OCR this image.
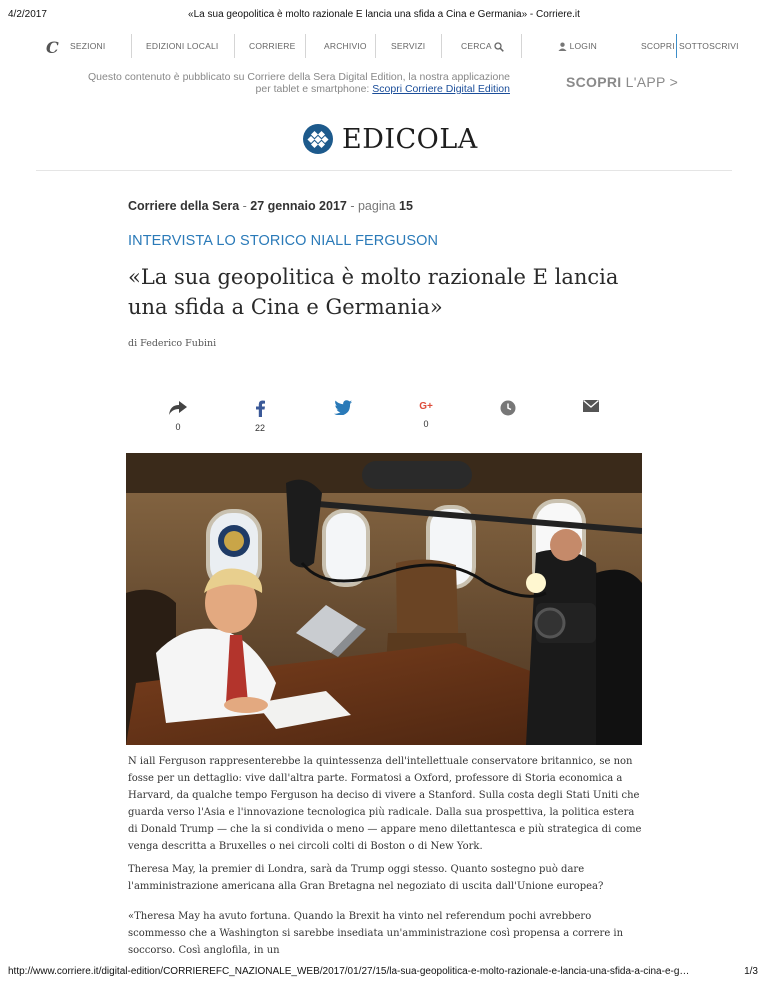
4/2/2017	«La sua geopolitica è molto razionale E lancia una sfida a Cina e Germania» - Corriere.it
C SEZIONI	EDIZIONI LOCALI	CORRIERE	ARCHIVIO	SERVIZI	CERCA	LOGIN	SCOPRI SOTTOSCRIVI
Questo contenuto è pubblicato su Corriere della Sera Digital Edition, la nostra applicazione
per tablet e smartphone: Scopri Corriere Digital Edition	SCOPRI L'APP >
EDICOLA
Corriere della Sera - 27 gennaio 2017 - pagina 15
INTERVISTA LO STORICO NIALL FERGUSON
«La sua geopolitica è molto razionale E lancia una sfida a Cina e Germania»
di Federico Fubini
0	22
G+
0

N iall Ferguson rappresenterebbe la quintessenza dell'intellettuale conservatore britannico, se non fosse per un dettaglio: vive dall'altra parte. Formatosi a Oxford, professore di Storia economica a Harvard, da qualche tempo Ferguson ha deciso di vivere a Stanford. Sulla costa degli Stati Uniti che guarda verso l'Asia e l'innovazione tecnologica più radicale. Dalla sua prospettiva, la politica estera di Donald Trump — che la si condivida o meno — appare meno dilettantesca e più strategica di come venga descritta a Bruxelles o nei circoli colti di Boston o di New York.

Theresa May, la premier di Londra, sarà da Trump oggi stesso. Quanto sostegno può dare l'amministrazione americana alla Gran Bretagna nel negoziato di uscita dall'Unione europea?

«Theresa May ha avuto fortuna. Quando la Brexit ha vinto nel referendum pochi avrebbero scommesso che a Washington si sarebbe insediata un'amministrazione così propensa a correre in soccorso. Così anglofila, in un

http://www.corriere.it/digital-edition/CORRIEREFC_NAZIONALE_WEB/2017/01/27/15/la-sua-geopolitica-e-molto-razionale-e-lancia-una-sfida-a-cina-e-g…	1/3
